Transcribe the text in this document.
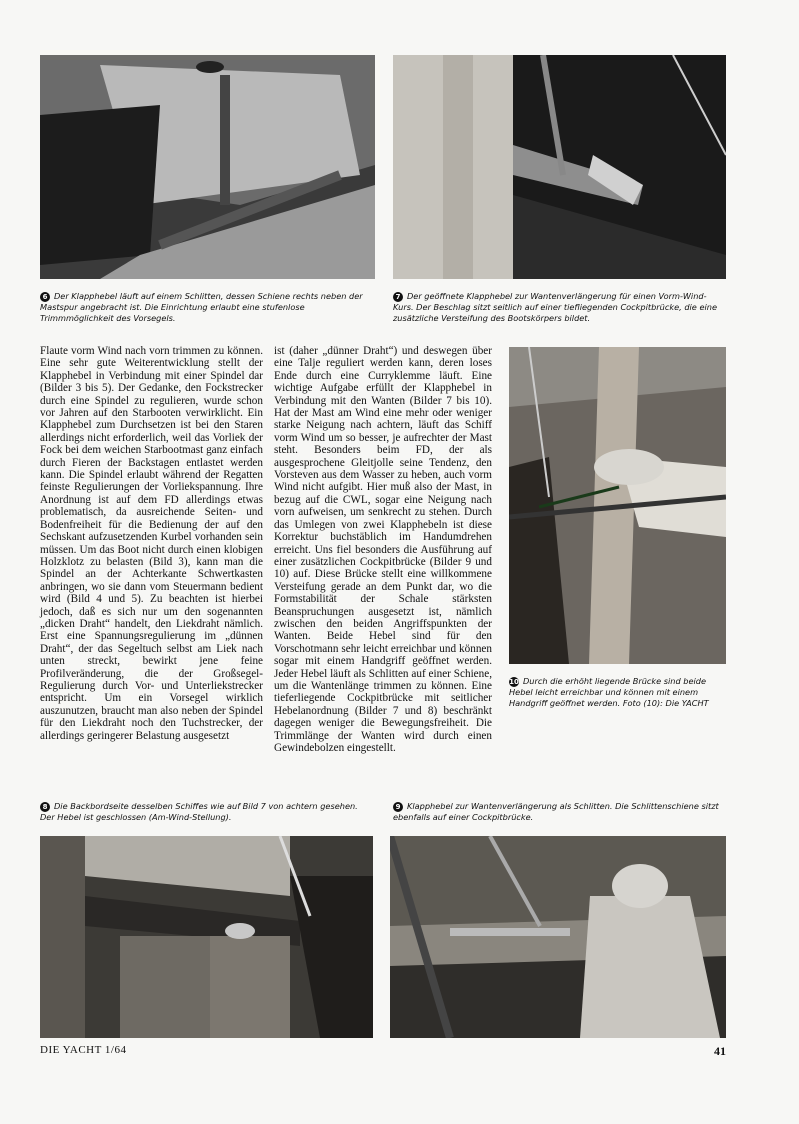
6 Der Klapphebel läuft auf einem Schlitten, dessen Schiene rechts neben der Mastspur angebracht ist. Die Einrichtung erlaubt eine stufenlose Trimmmöglichkeit des Vorsegels.
7 Der geöffnete Klapphebel zur Wantenverlängerung für einen Vorm-Wind-Kurs. Der Beschlag sitzt seitlich auf einer tiefliegenden Cockpitbrücke, die eine zusätzliche Versteifung des Bootskörpers bildet.

Flaute vorm Wind nach vorn trimmen zu können. Eine sehr gute Weiterentwicklung stellt der Klapphebel in Verbindung mit einer Spindel dar (Bilder 3 bis 5). Der Gedanke, den Fockstrecker durch eine Spindel zu regulieren, wurde schon vor Jahren auf den Starbooten verwirklicht. Ein Klapphebel zum Durchsetzen ist bei den Staren allerdings nicht erforderlich, weil das Vorliek der Fock bei dem weichen Starbootmast ganz einfach durch Fieren der Backstagen entlastet werden kann. Die Spindel erlaubt während der Regatten feinste Regulierungen der Vorliekspannung. Ihre Anordnung ist auf dem FD allerdings etwas problematisch, da ausreichende Seiten- und Bodenfreiheit für die Bedienung der auf den Sechskant aufzusetzenden Kurbel vorhanden sein müssen. Um das Boot nicht durch einen klobigen Holzklotz zu belasten (Bild 3), kann man die Spindel an der Achterkante Schwertkasten anbringen, wo sie dann vom Steuermann bedient wird (Bild 4 und 5). Zu beachten ist hierbei jedoch, daß es sich nur um den sogenannten „dicken Draht“ handelt, den Liekdraht nämlich. Erst eine Spannungsregulierung im „dünnen Draht“, der das Segeltuch selbst am Liek nach unten streckt, bewirkt jene feine Profilveränderung, die der Großsegel-Regulierung durch Vor- und Unterliekstrecker entspricht. Um ein Vorsegel wirklich auszunutzen, braucht man also neben der Spindel für den Liekdraht noch den Tuchstrecker, der allerdings geringerer Belastung ausgesetzt

ist (daher „dünner Draht“) und deswegen über eine Talje reguliert werden kann, deren loses Ende durch eine Curryklemme läuft. Eine wichtige Aufgabe erfüllt der Klapphebel in Verbindung mit den Wanten (Bilder 7 bis 10). Hat der Mast am Wind eine mehr oder weniger starke Neigung nach achtern, läuft das Schiff vorm Wind um so besser, je aufrechter der Mast steht. Besonders beim FD, der als ausgesprochene Gleitjolle seine Tendenz, den Vorsteven aus dem Wasser zu heben, auch vorm Wind nicht aufgibt. Hier muß also der Mast, in bezug auf die CWL, sogar eine Neigung nach vorn aufweisen, um senkrecht zu stehen. Durch das Umlegen von zwei Klapphebeln ist diese Korrektur buchstäblich im Handumdrehen erreicht. Uns fiel besonders die Ausführung auf einer zusätzlichen Cockpitbrücke (Bilder 9 und 10) auf. Diese Brücke stellt eine willkommene Versteifung gerade an dem Punkt dar, wo die Formstabilität der Schale stärksten Beanspruchungen ausgesetzt ist, nämlich zwischen den beiden Angriffspunkten der Wanten. Beide Hebel sind für den Vorschotmann sehr leicht erreichbar und können sogar mit einem Handgriff geöffnet werden. Jeder Hebel läuft als Schlitten auf einer Schiene, um die Wantenlänge trimmen zu können. Eine tieferliegende Cockpitbrücke mit seitlicher Hebelanordnung (Bilder 7 und 8) beschränkt dagegen weniger die Bewegungsfreiheit. Die Trimmlänge der Wanten wird durch einen Gewindebolzen eingestellt.

10 Durch die erhöht liegende Brücke sind beide Hebel leicht erreichbar und können mit einem Handgriff geöffnet werden. Foto (10): Die YACHT
8 Die Backbordseite desselben Schiffes wie auf Bild 7 von achtern gesehen. Der Hebel ist geschlossen (Am-Wind-Stellung).
9 Klapphebel zur Wantenverlängerung als Schlitten. Die Schlittenschiene sitzt ebenfalls auf einer Cockpitbrücke.
DIE YACHT 1/64	41
